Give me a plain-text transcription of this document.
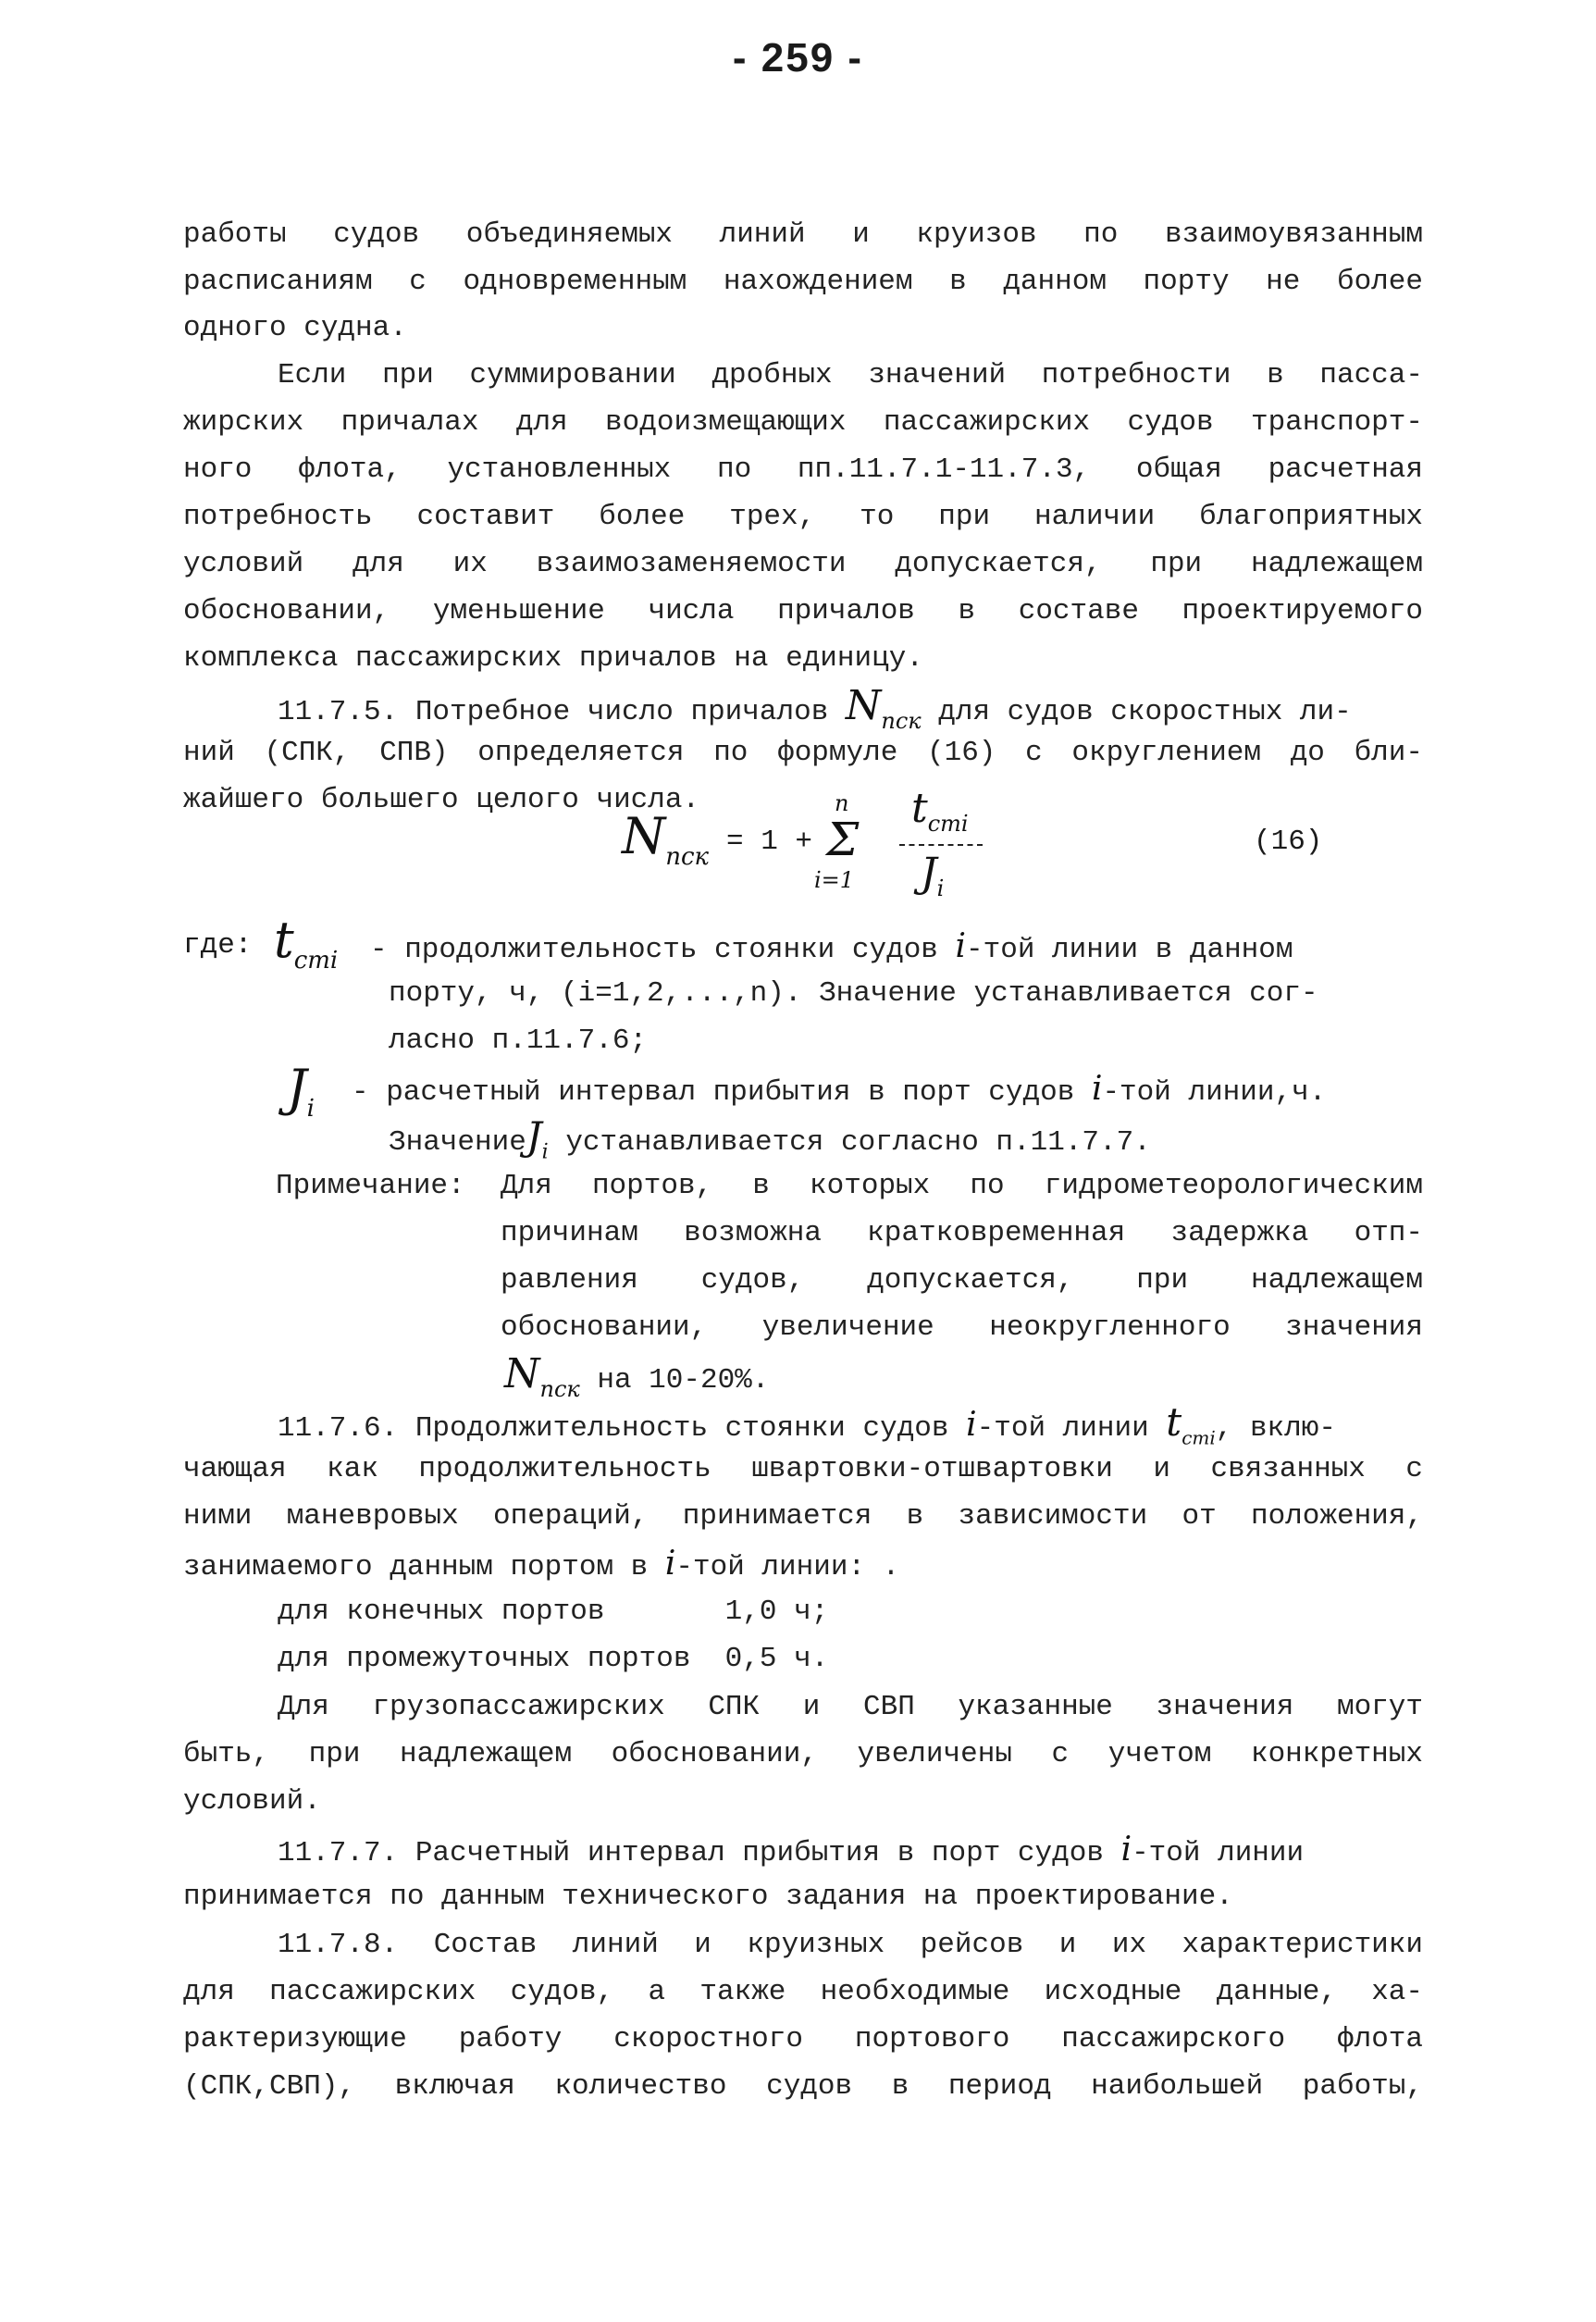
- 259 -
работы судов объединяемых линий и круизов по взаимоувязанным
расписаниям с одновременным нахождением в данном порту не более
одного судна.
Если при суммировании дробных значений потребности в пасса-
жирских причалах для водоизмещающих пассажирских судов транспорт-
ного флота, установленных по пп.11.7.1-11.7.3, общая расчетная
потребность составит более трех, то при наличии благоприятных
условий для их взаимозаменяемости допускается, при надлежащем
обосновании, уменьшение числа причалов в составе проектируемого
комплекса пассажирских причалов на единицу.
11.7.5. Потребное число причалов $N_{пск}$ для судов скоростных ли-
ний (СПК, СПВ) определяется по формуле (16) с округлением до бли-
жайшего большего целого числа.
$N_{пск} = 1$ +
n
Σ
i=1
$t_{стi}$
$J_i$
(16)
где: $t_{стi}$ - продолжительность стоянки судов i-той линии в данном
порту, ч, (i=1,2,...,n). Значение устанавливается сог-
ласно п.11.7.6;
$J_i$ - расчетный интервал прибытия в порт судов i-той линии,ч.
ЗначениеJ$_i$ устанавливается согласно п.11.7.7.
Примечание: Для портов, в которых по гидрометеорологическим
причинам возможна кратковременная задержка отп-
равления судов, допускается, при надлежащем
обосновании, увеличение неокругленного значения
$N_{пск}$ на 10-20%.
11.7.6. Продолжительность стоянки судов i-той линии $t_{стi}$, вклю-
чающая как продолжительность швартовки-отшвартовки и связанных с
ними маневровых операций, принимается в зависимости от положения,
занимаемого данным портом в i-той линии: .
для конечных портов       1,0 ч;
для промежуточных портов  0,5 ч.
Для грузопассажирских СПК и СВП указанные значения могут
быть, при надлежащем обосновании, увеличены с учетом конкретных
условий.
11.7.7. Расчетный интервал прибытия в порт судов i-той линии
принимается по данным технического задания на проектирование.
11.7.8. Состав линий и круизных рейсов и их характеристики
для пассажирских судов, а также необходимые исходные данные, ха-
рактеризующие работу скоростного портового пассажирского флота
(СПК,СВП), включая количество судов в период наибольшей работы,
